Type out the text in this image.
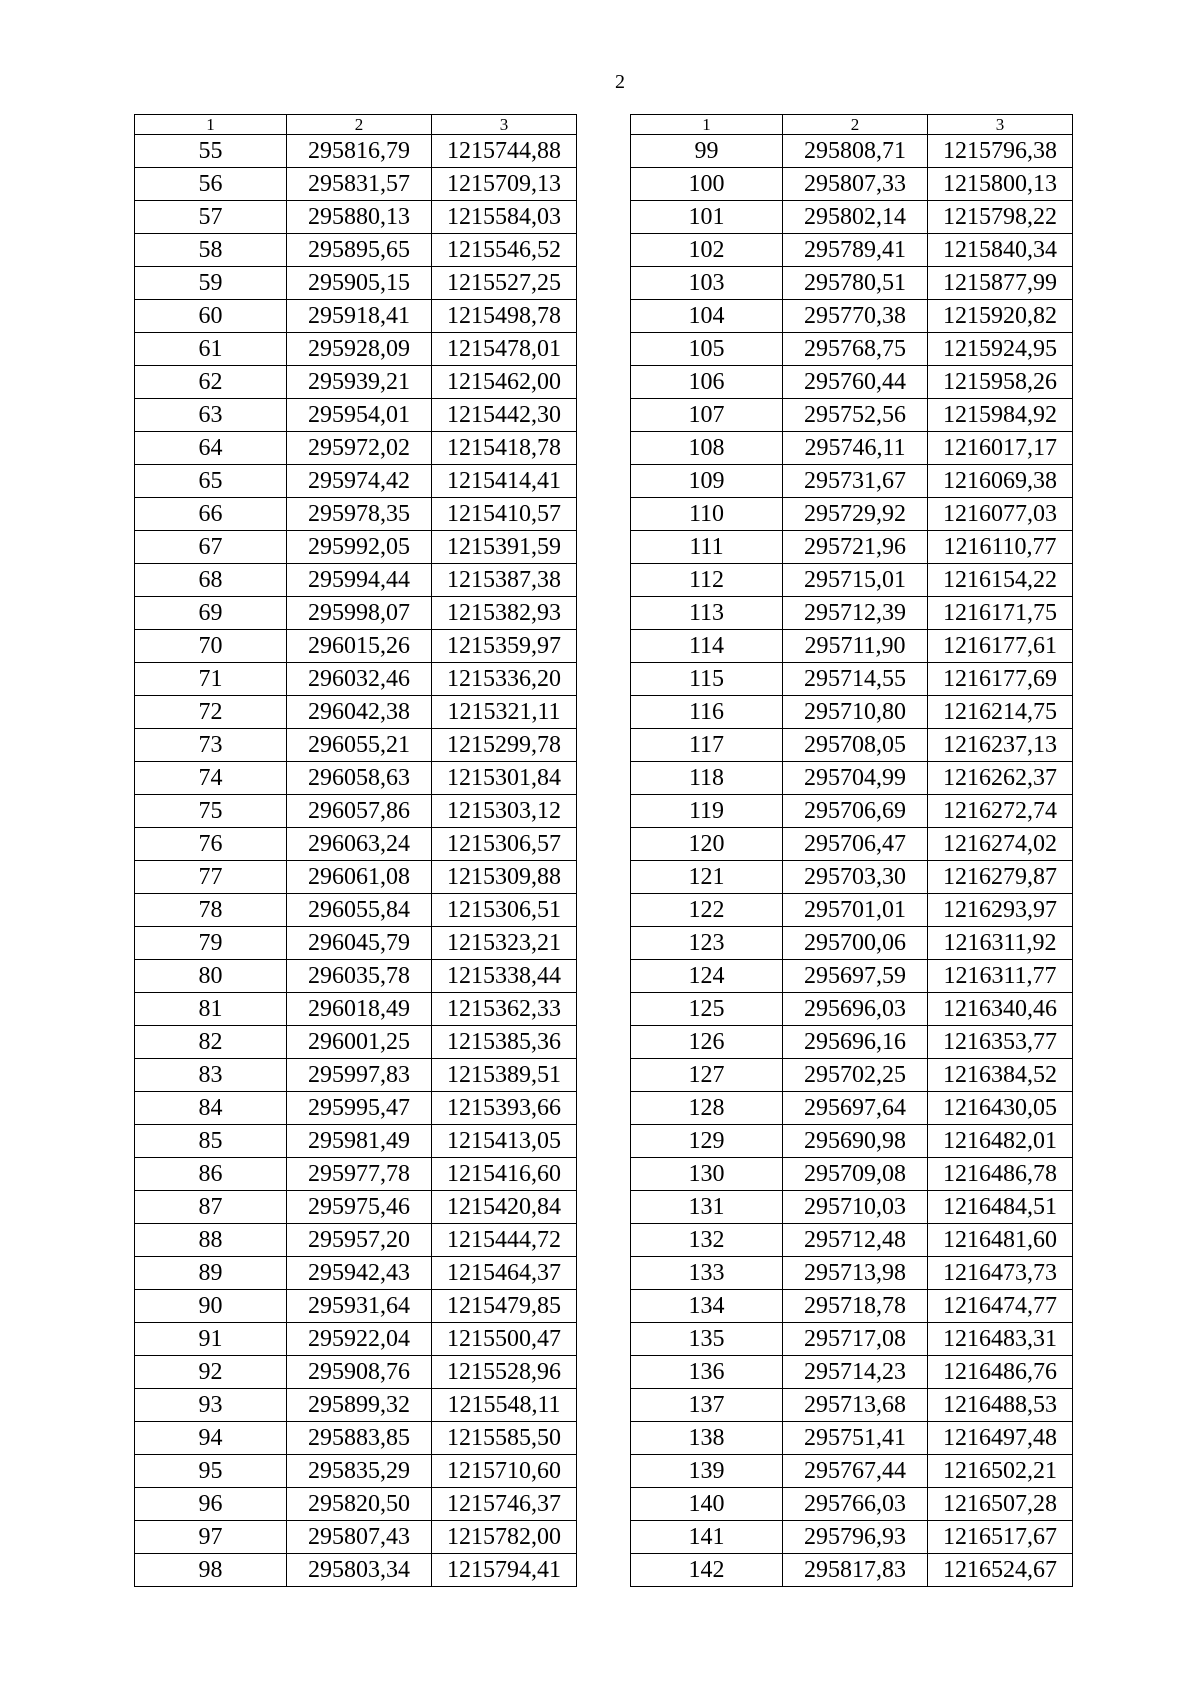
2
1	2	3
55	295816,79	1215744,88
56	295831,57	1215709,13
57	295880,13	1215584,03
58	295895,65	1215546,52
59	295905,15	1215527,25
60	295918,41	1215498,78
61	295928,09	1215478,01
62	295939,21	1215462,00
63	295954,01	1215442,30
64	295972,02	1215418,78
65	295974,42	1215414,41
66	295978,35	1215410,57
67	295992,05	1215391,59
68	295994,44	1215387,38
69	295998,07	1215382,93
70	296015,26	1215359,97
71	296032,46	1215336,20
72	296042,38	1215321,11
73	296055,21	1215299,78
74	296058,63	1215301,84
75	296057,86	1215303,12
76	296063,24	1215306,57
77	296061,08	1215309,88
78	296055,84	1215306,51
79	296045,79	1215323,21
80	296035,78	1215338,44
81	296018,49	1215362,33
82	296001,25	1215385,36
83	295997,83	1215389,51
84	295995,47	1215393,66
85	295981,49	1215413,05
86	295977,78	1215416,60
87	295975,46	1215420,84
88	295957,20	1215444,72
89	295942,43	1215464,37
90	295931,64	1215479,85
91	295922,04	1215500,47
92	295908,76	1215528,96
93	295899,32	1215548,11
94	295883,85	1215585,50
95	295835,29	1215710,60
96	295820,50	1215746,37
97	295807,43	1215782,00
98	295803,34	1215794,41
1	2	3
99	295808,71	1215796,38
100	295807,33	1215800,13
101	295802,14	1215798,22
102	295789,41	1215840,34
103	295780,51	1215877,99
104	295770,38	1215920,82
105	295768,75	1215924,95
106	295760,44	1215958,26
107	295752,56	1215984,92
108	295746,11	1216017,17
109	295731,67	1216069,38
110	295729,92	1216077,03
111	295721,96	1216110,77
112	295715,01	1216154,22
113	295712,39	1216171,75
114	295711,90	1216177,61
115	295714,55	1216177,69
116	295710,80	1216214,75
117	295708,05	1216237,13
118	295704,99	1216262,37
119	295706,69	1216272,74
120	295706,47	1216274,02
121	295703,30	1216279,87
122	295701,01	1216293,97
123	295700,06	1216311,92
124	295697,59	1216311,77
125	295696,03	1216340,46
126	295696,16	1216353,77
127	295702,25	1216384,52
128	295697,64	1216430,05
129	295690,98	1216482,01
130	295709,08	1216486,78
131	295710,03	1216484,51
132	295712,48	1216481,60
133	295713,98	1216473,73
134	295718,78	1216474,77
135	295717,08	1216483,31
136	295714,23	1216486,76
137	295713,68	1216488,53
138	295751,41	1216497,48
139	295767,44	1216502,21
140	295766,03	1216507,28
141	295796,93	1216517,67
142	295817,83	1216524,67
